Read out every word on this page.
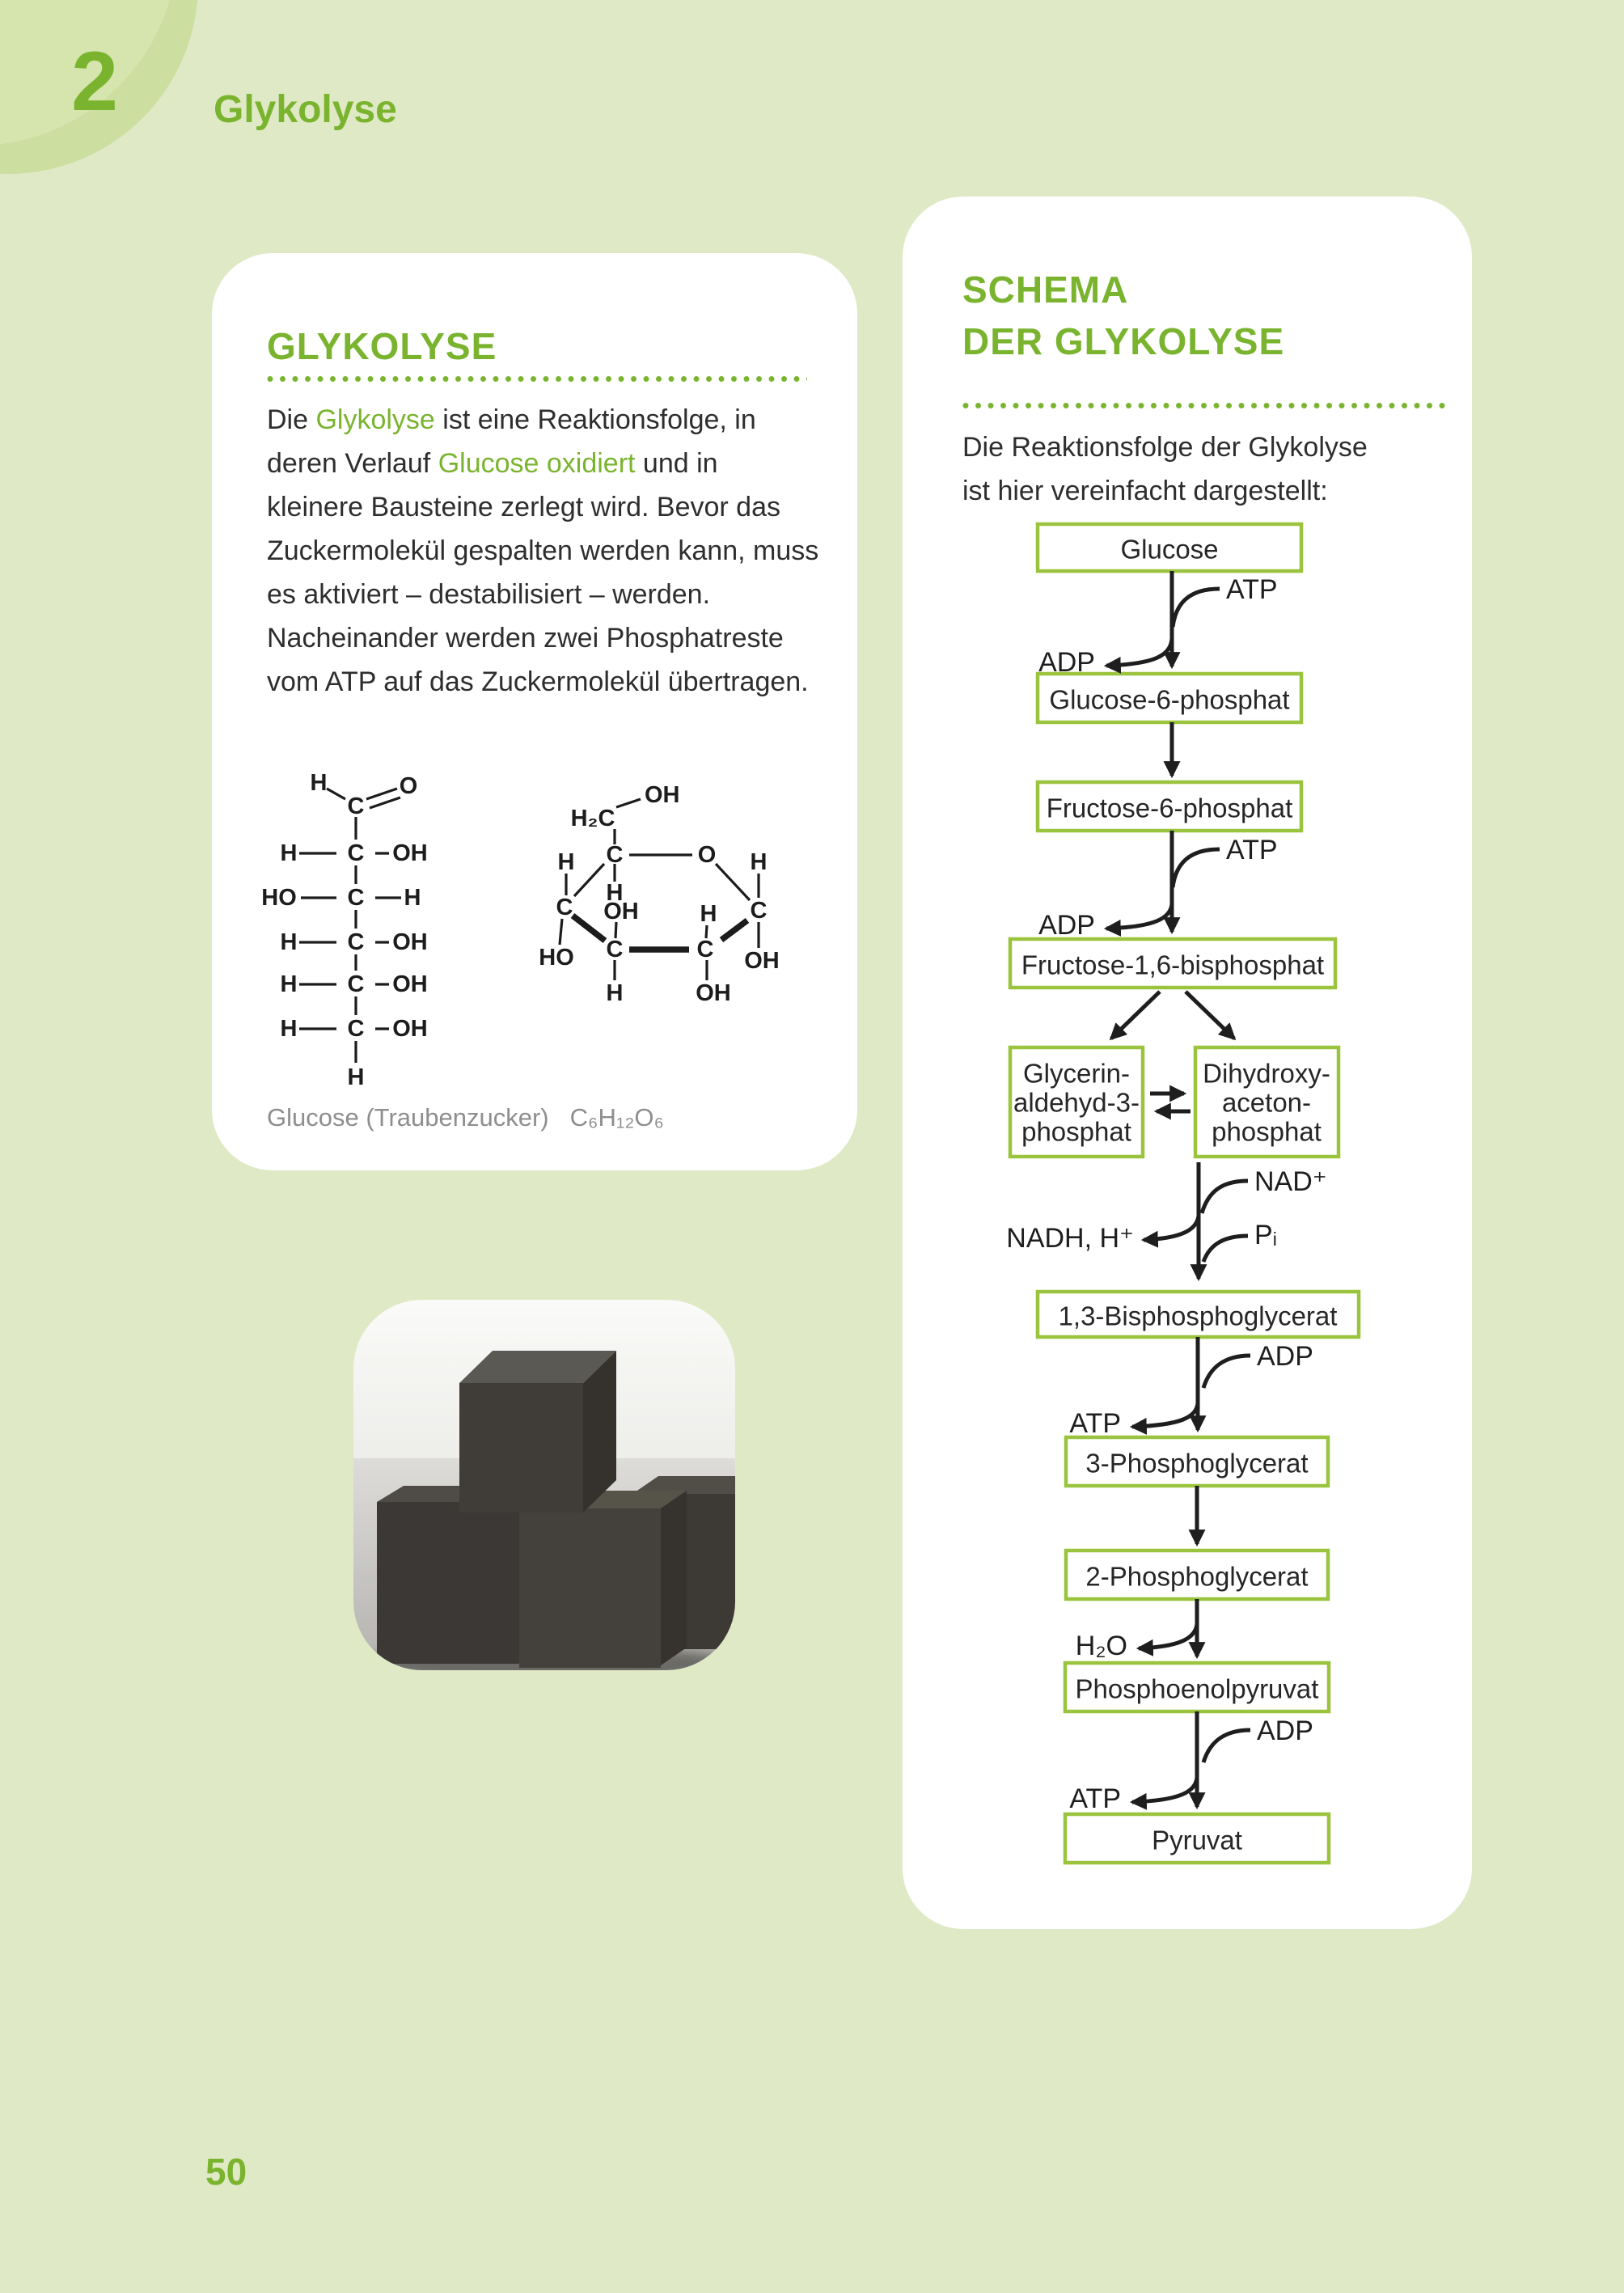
2	Glykolyse
GLYKOLYSE
Die Glykolyse ist eine Reaktionsfolge, in deren Verlauf Glucose oxidiert und in kleinere Bausteine zerlegt wird. Bevor das Zuckermolekül gespalten werden kann, muss es aktiviert – destabilisiert – werden. Nacheinander werden zwei Phosphatreste vom ATP auf das Zuckermolekül übertragen.
H	O
C
C
C
C
C
C
H
HO
H
H
H
OH
H
OH
OH
OH
H
H₂C
OH
C	O H
C
OH
H
C
HO
H
OH
C
H
H
C
OH
Glucose (Traubenzucker) C₆H₁₂O₆
SCHEMA
DER GLYKOLYSE
Die Reaktionsfolge der Glykolyse
ist hier vereinfacht dargestellt:
Glucose
Glucose-6-phosphat
Fructose-6-phosphat
Fructose-1,6-bisphosphat
Glycerin-
aldehyd-3-
phosphat
Dihydroxy-
aceton-
phosphat
1,3-Bisphosphoglycerat
3-Phosphoglycerat
2-Phosphoglycerat
Phosphoenolpyruvat
Pyruvat
ATP
ADP
ATP
ADP
NAD⁺
NADH, H⁺	Pᵢ
ADP
ATP
H₂O
ADP
ATP
50
